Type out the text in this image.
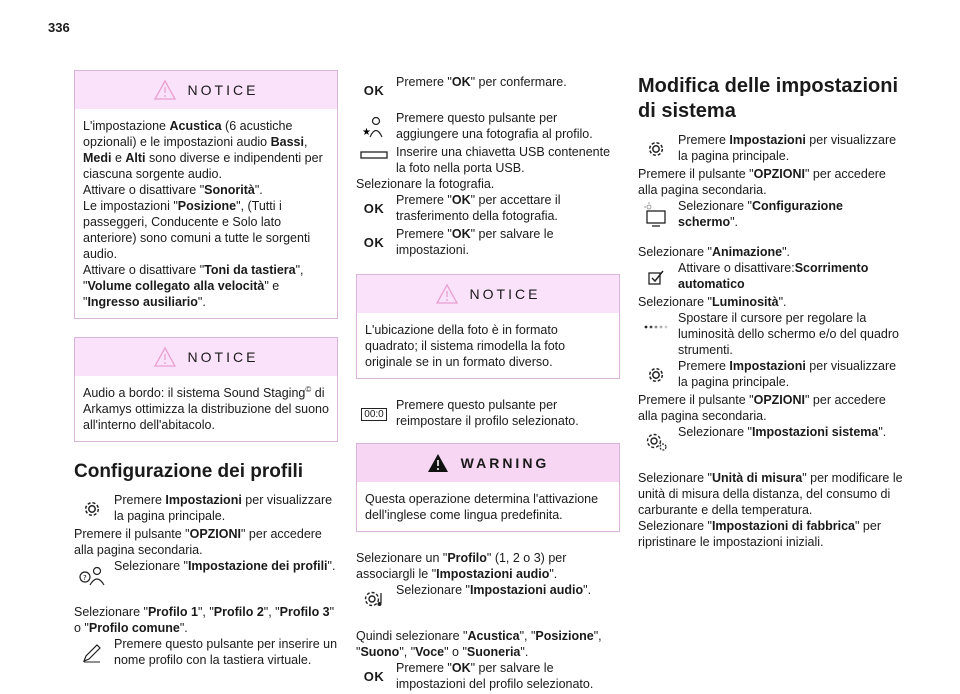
336
NOTICE

L'impostazione Acustica (6 acustiche opzionali) e le impostazioni audio Bassi, Medi e Alti sono diverse e indipendenti per ciascuna sorgente audio.

Attivare o disattivare "Sonorità".

Le impostazioni "Posizione", (Tutti i passeggeri, Conducente e Solo lato anteriore) sono comuni a tutte le sorgenti audio.

Attivare o disattivare "Toni da tastiera", "Volume collegato alla velocità" e "Ingresso ausiliario".

NOTICE

Audio a bordo: il sistema Sound Staging© di Arkamys ottimizza la distribuzione del suono all'interno dell'abitacolo.

Configurazione dei profili

Premere Impostazioni per visualizzare la pagina principale.

Premere il pulsante "OPZIONI" per accedere alla pagina secondaria.

?

Selezionare "Impostazione dei profili".

Selezionare "Profilo 1", "Profilo 2", "Profilo 3" o "Profilo comune".

Premere questo pulsante per inserire un nome profilo con la tastiera virtuale.

OK

Premere "OK" per confermare.

★

Premere questo pulsante per aggiungere una fotografia al profilo.

Inserire una chiavetta USB contenente la foto nella porta USB.

Selezionare la fotografia.

OK

Premere "OK" per accettare il trasferimento della fotografia.

OK

Premere "OK" per salvare le impostazioni.

NOTICE

L'ubicazione della foto è in formato quadrato; il sistema rimodella la foto originale se in un formato diverso.

00:0

Premere questo pulsante per reimpostare il profilo selezionato.

WARNING

Questa operazione determina l'attivazione dell'inglese come lingua predefinita.

Selezionare un "Profilo" (1, 2 o 3) per associargli le "Impostazioni audio".

Selezionare "Impostazioni audio".

Quindi selezionare "Acustica", "Posizione", "Suono", "Voce" o "Suoneria".

OK

Premere "OK" per salvare le impostazioni del profilo selezionato.

Modifica delle impostazioni
di sistema

Premere Impostazioni per visualizzare la pagina principale.

Premere il pulsante "OPZIONI" per accedere alla pagina secondaria.

Selezionare "Configurazione schermo".

Selezionare "Animazione".

Attivare o disattivare:Scorrimento automatico

Selezionare "Luminosità".

Spostare il cursore per regolare la luminosità dello schermo e/o del quadro strumenti.

Premere Impostazioni per visualizzare la pagina principale.

Premere il pulsante "OPZIONI" per accedere alla pagina secondaria.

Selezionare "Impostazioni sistema".

Selezionare "Unità di misura" per modificare le unità di misura della distanza, del consumo di carburante e della temperatura.

Selezionare "Impostazioni di fabbrica" per ripristinare le impostazioni iniziali.
